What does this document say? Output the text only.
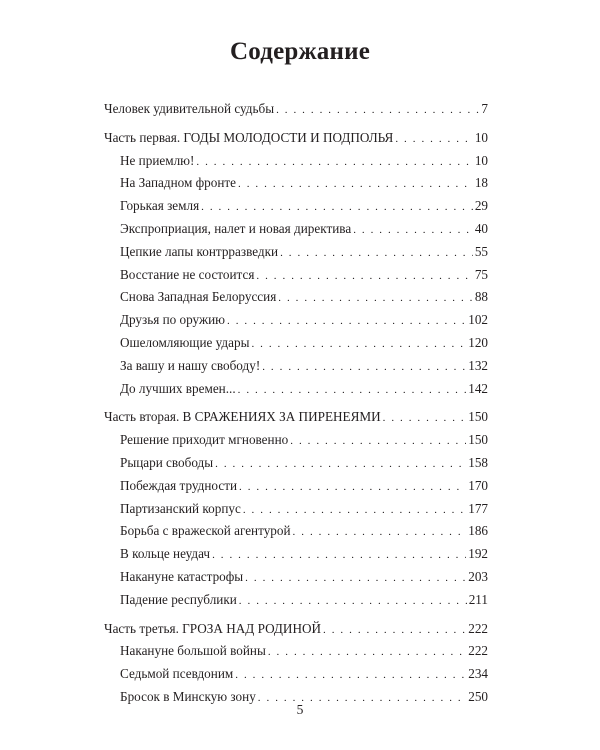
Содержание
Человек удивительной судьбы . . .	7
Часть первая. ГОДЫ МОЛОДОСТИ И ПОДПОЛЬЯ . . .	10
Не приемлю! . . .	10
На Западном фронте . . .	18
Горькая земля . . .	29
Экспроприация, налет и новая директива . . .	40
Цепкие лапы контрразведки . . .	55
Восстание не состоится . . .	75
Снова Западная Белоруссия . . .	88
Друзья по оружию . . .	102
Ошеломляющие удары . . .	120
За вашу и нашу свободу! . . .	132
До лучших времен... . . .	142
Часть вторая. В СРАЖЕНИЯХ ЗА ПИРЕНЕЯМИ . . .	150
Решение приходит мгновенно . . .	150
Рыцари свободы . . .	158
Побеждая трудности . . .	170
Партизанский корпус . . .	177
Борьба с вражеской агентурой . . .	186
В кольце неудач . . .	192
Накануне катастрофы . . .	203
Падение республики . . .	211
Часть третья. ГРОЗА НАД РОДИНОЙ . . .	222
Накануне большой войны . . .	222
Седьмой псевдоним . . .	234
Бросок в Минскую зону . . .	250
5
